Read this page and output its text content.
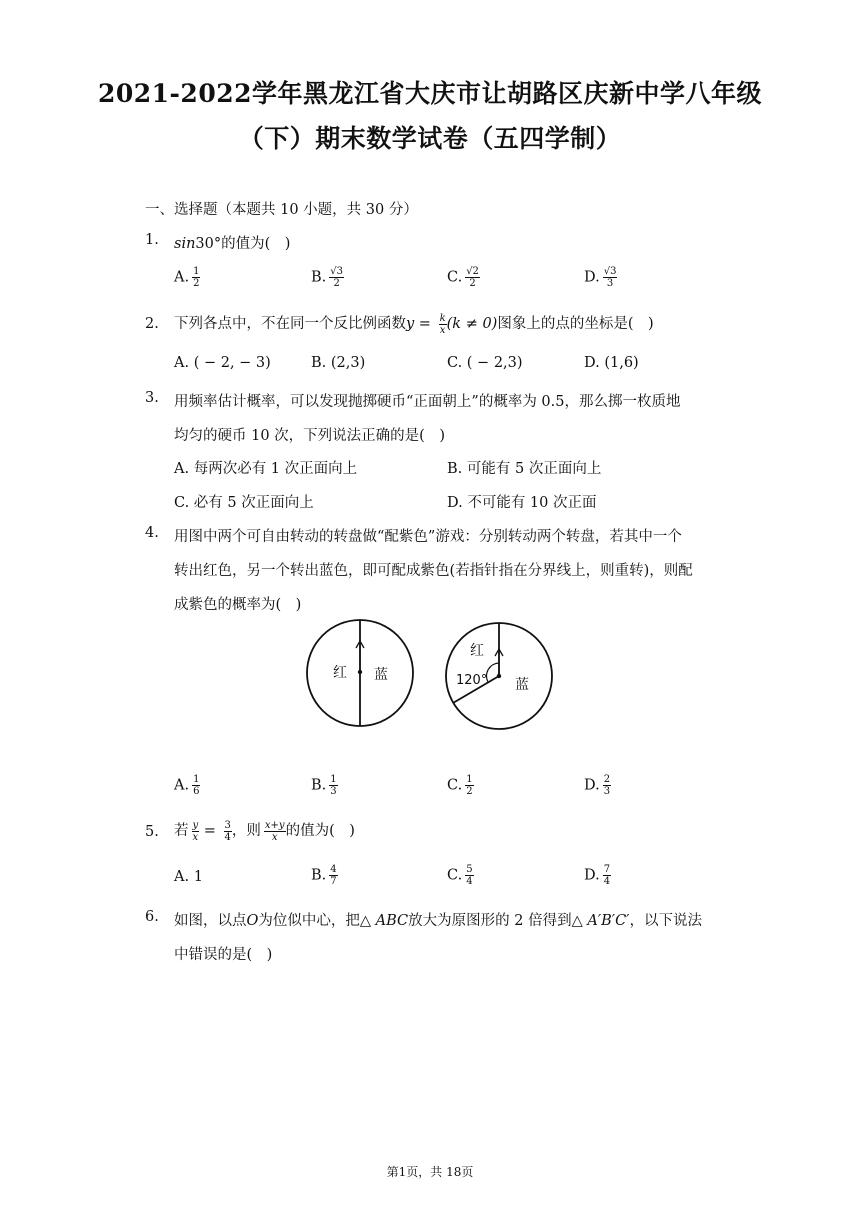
2021-2022学年黑龙江省大庆市让胡路区庆新中学八年级
（下）期末数学试卷（五四学制）
一、选择题（本题共 10 小题，共 30 分）
1. sin30°的值为(　)
A. $\frac{1}{2}$	B. $\frac{√3}{2}$	C. $\frac{√2}{2}$	D. $\frac{√3}{3}$
2. 下列各点中，不在同一个反比例函数$y = \frac{k}{x} (k \ne 0)$图象上的点的坐标是(　)
A. ( − 2, − 3)	B. (2,3)	C. ( − 2,3)	D. (1,6)
3. 用频率估计概率，可以发现抛掷硬币“正面朝上”的概率为 0.5，那么掷一枚质地
均匀的硬币 10 次，下列说法正确的是(　)
A. 每两次必有 1 次正面向上	B. 可能有 5 次正面向上
C. 必有 5 次正面向上	D. 不可能有 10 次正面
4. 用图中两个可自由转动的转盘做“配紫色”游戏：分别转动两个转盘，若其中一个
转出红色，另一个转出蓝色，即可配成紫色(若指针指在分界线上，则重转)，则配
成紫色的概率为(　)
红 蓝
红
120° 蓝
A. $\frac{1}{6}$	B. $\frac{1}{3}$	C. $\frac{1}{2}$	D. $\frac{2}{3}$
5. 若 $\frac{y}{x} = \frac{3}{4}$ ，则 $\frac{x+y}{x}$ 的值为(　)
A. 1	B. $\frac{4}{7}$	C. $\frac{5}{4}$	D. $\frac{7}{4}$
6. 如图，以点O为位似中心，把△ ABC放大为原图形的 2 倍得到△ A′B′C′，以下说法
中错误的是(　)
第1页，共 18页
